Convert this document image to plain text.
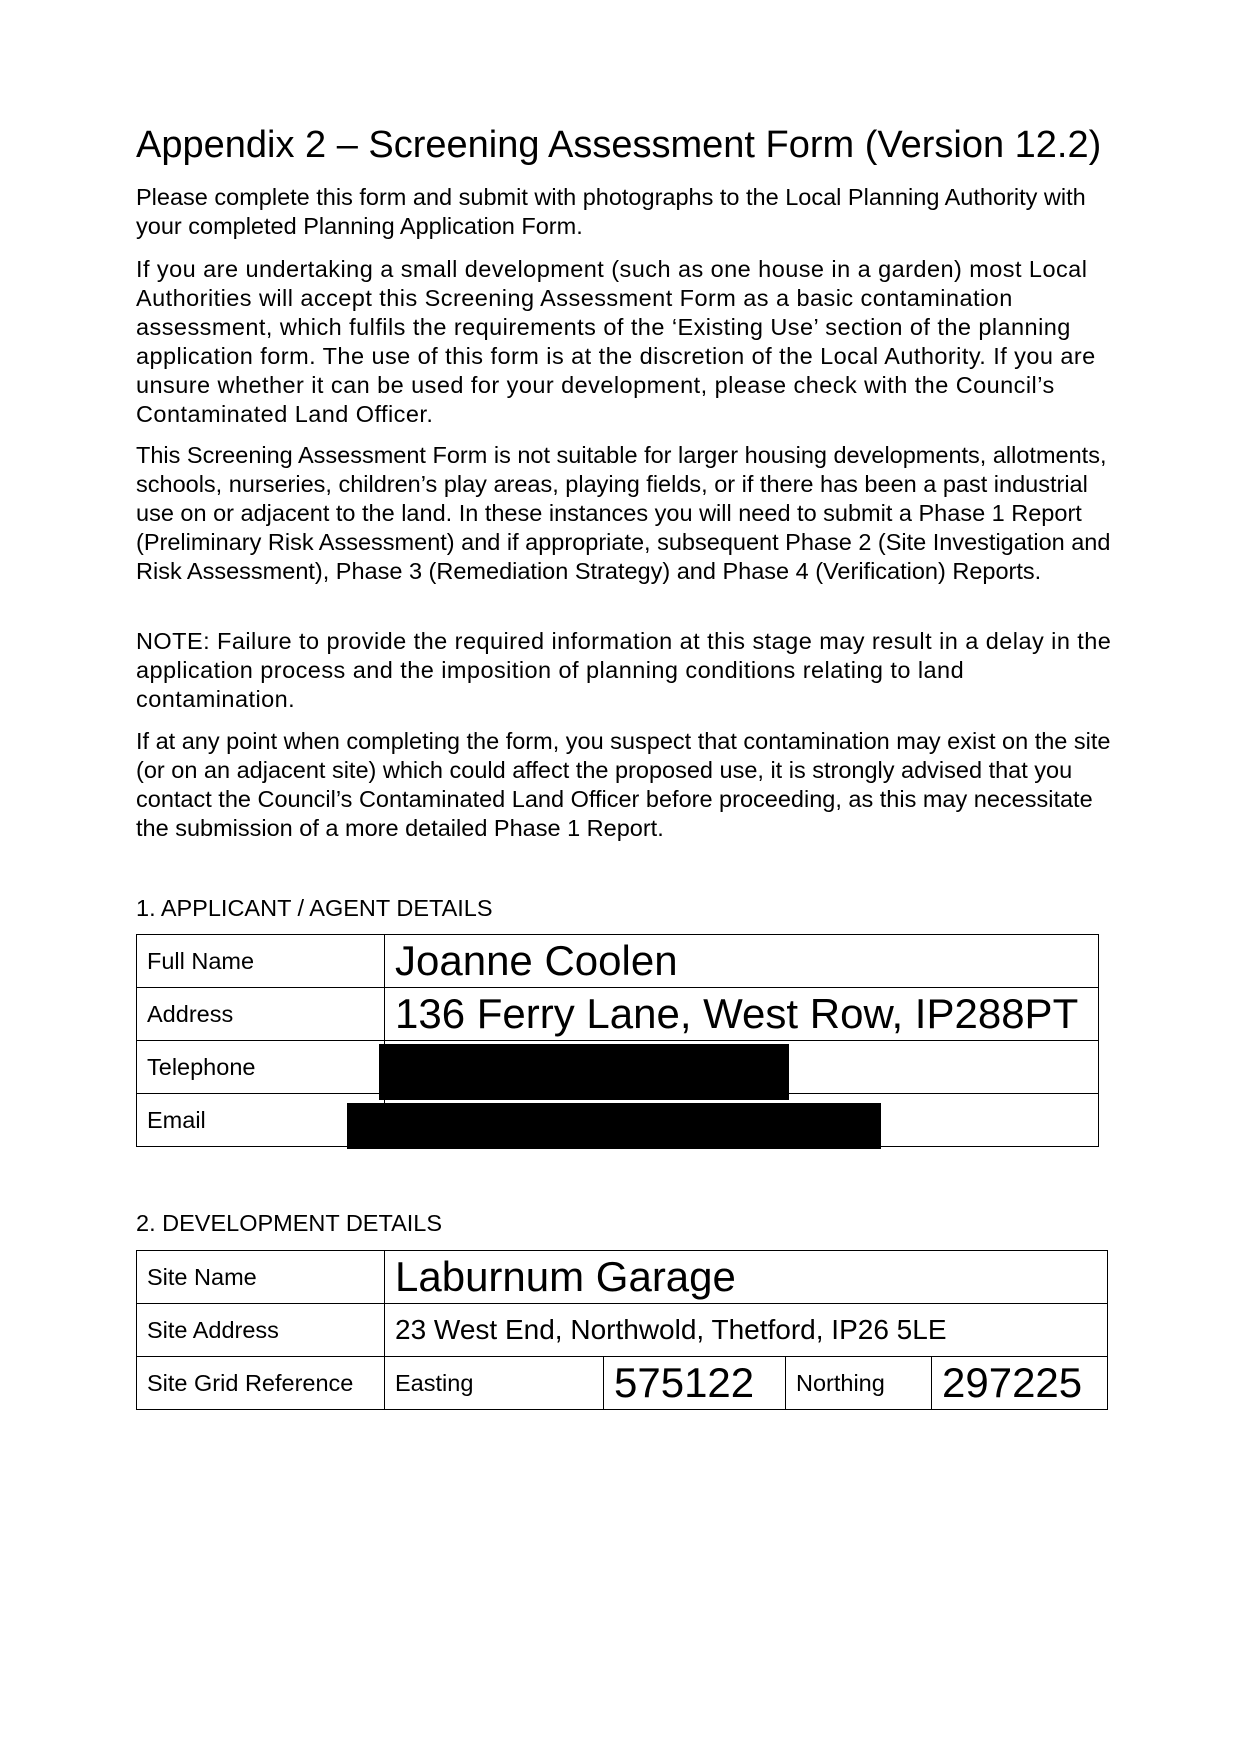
Appendix 2 – Screening Assessment Form (Version 12.2)

Please complete this form and submit with photographs to the Local Planning Authority with your completed Planning Application Form.

If you are undertaking a small development (such as one house in a garden) most Local Authorities will accept this Screening Assessment Form as a basic contamination assessment, which fulfils the requirements of the ‘Existing Use’ section of the planning application form. The use of this form is at the discretion of the Local Authority. If you are unsure whether it can be used for your development, please check with the Council’s Contaminated Land Officer.

This Screening Assessment Form is not suitable for larger housing developments, allotments, schools, nurseries, children’s play areas, playing fields, or if there has been a past industrial use on or adjacent to the land. In these instances you will need to submit a Phase 1 Report (Preliminary Risk Assessment) and if appropriate, subsequent Phase 2 (Site Investigation and Risk Assessment), Phase 3 (Remediation Strategy) and Phase 4 (Verification) Reports.

NOTE: Failure to provide the required information at this stage may result in a delay in the application process and the imposition of planning conditions relating to land contamination.

If at any point when completing the form, you suspect that contamination may exist on the site (or on an adjacent site) which could affect the proposed use, it is strongly advised that you contact the Council’s Contaminated Land Officer before proceeding, as this may necessitate the submission of a more detailed Phase 1 Report.

1. APPLICANT / AGENT DETAILS
Full Name	Joanne Coolen
Address	136 Ferry Lane, West Row, IP288PT
Telephone	
Email	
2. DEVELOPMENT DETAILS
Site Name	Laburnum Garage			
Site Address	23 West End, Northwold, Thetford, IP26 5LE			
Site Grid Reference	Easting	575122	Northing	297225
